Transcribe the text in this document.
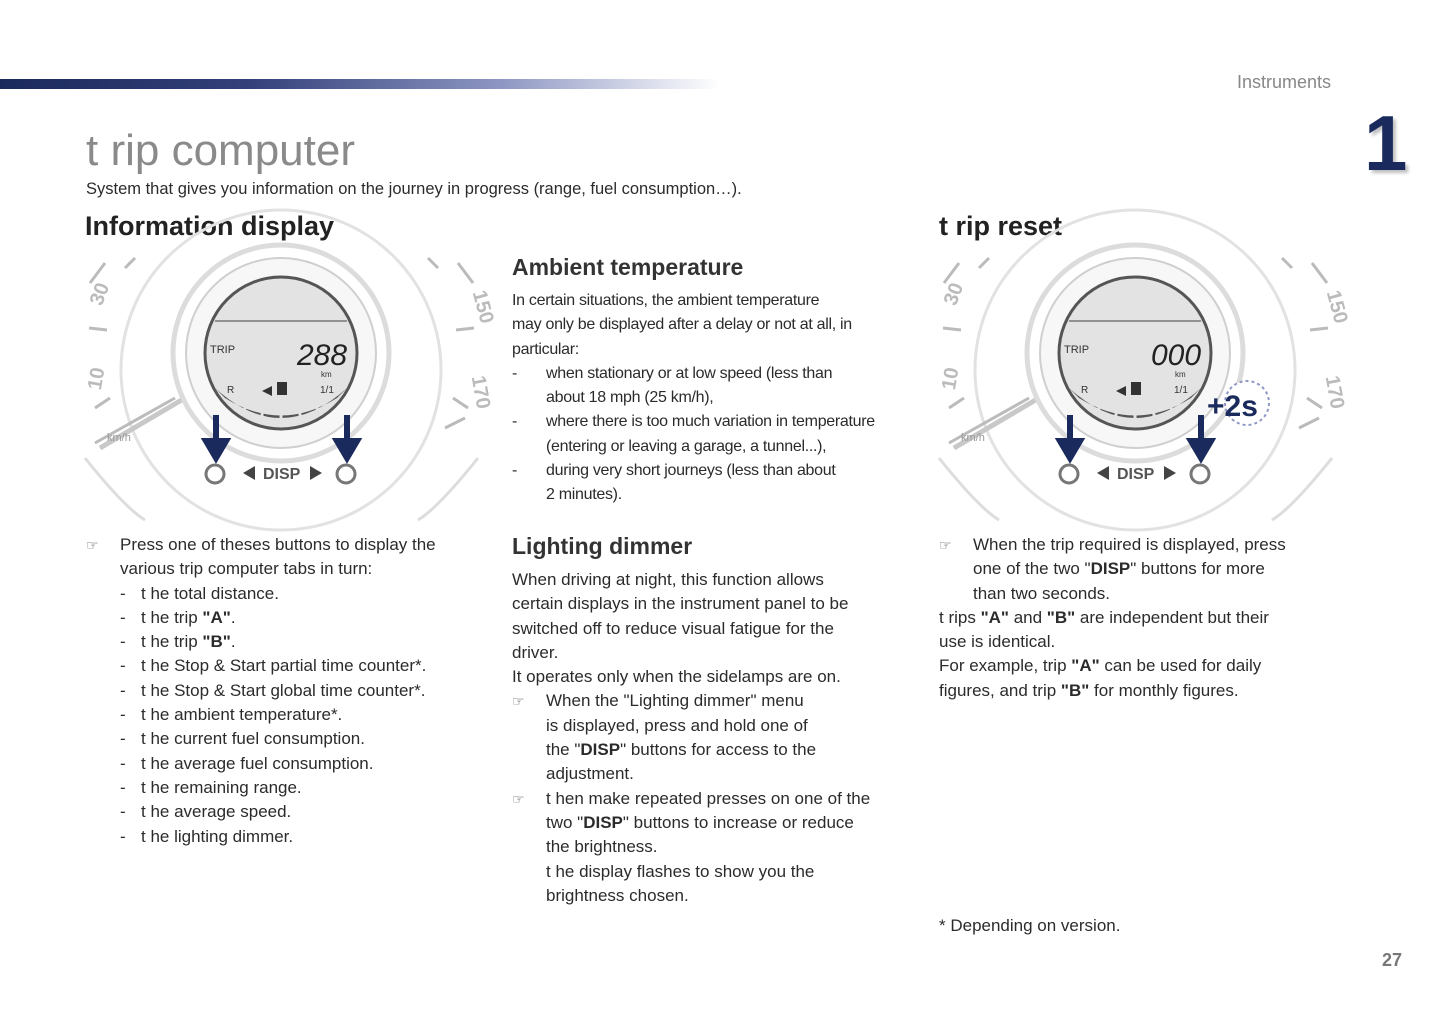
Instruments
1
t rip computer
System that gives you information on the journey in progress (range, fuel consumption…).
Information display
30
10
150
170
km/h
TRIP 288
km
R	1/1
DISP
☞ Press one of theses buttons to display the
various trip computer tabs in turn:
- t he total distance.
- t he trip "A".
- t he trip "B".
- t he Stop & Start partial time counter*.
- t he Stop & Start global time counter*.
- t he ambient temperature*.
- t he current fuel consumption.
- t he average fuel consumption.
- t he remaining range.
- t he average speed.
- t he lighting dimmer.
Ambient temperature
In certain situations, the ambient temperature
may only be displayed after a delay or not at all, in
particular:
- when stationary or at low speed (less than
about 18 mph (25 km/h),
- where there is too much variation in temperature
(entering or leaving a garage, a tunnel...),
- during very short journeys (less than about
2 minutes).
Lighting dimmer
When driving at night, this function allows
certain displays in the instrument panel to be
switched off to reduce visual fatigue for the
driver.
It operates only when the sidelamps are on.
☞ When the "Lighting dimmer" menu
is displayed, press and hold one of
the "DISP" buttons for access to the
adjustment.
☞ t hen make repeated presses on one of the
two "DISP" buttons to increase or reduce
the brightness.
t he display flashes to show you the
brightness chosen.
t rip reset
30
10
150
170
km/h
TRIP 000
km
R	1/1 +2s
DISP
☞ When the trip required is displayed, press
one of the two "DISP" buttons for more
than two seconds.
t rips "A" and "B" are independent but their
use is identical.
For example, trip "A" can be used for daily
figures, and trip "B" for monthly figures.
* Depending on version.
27
